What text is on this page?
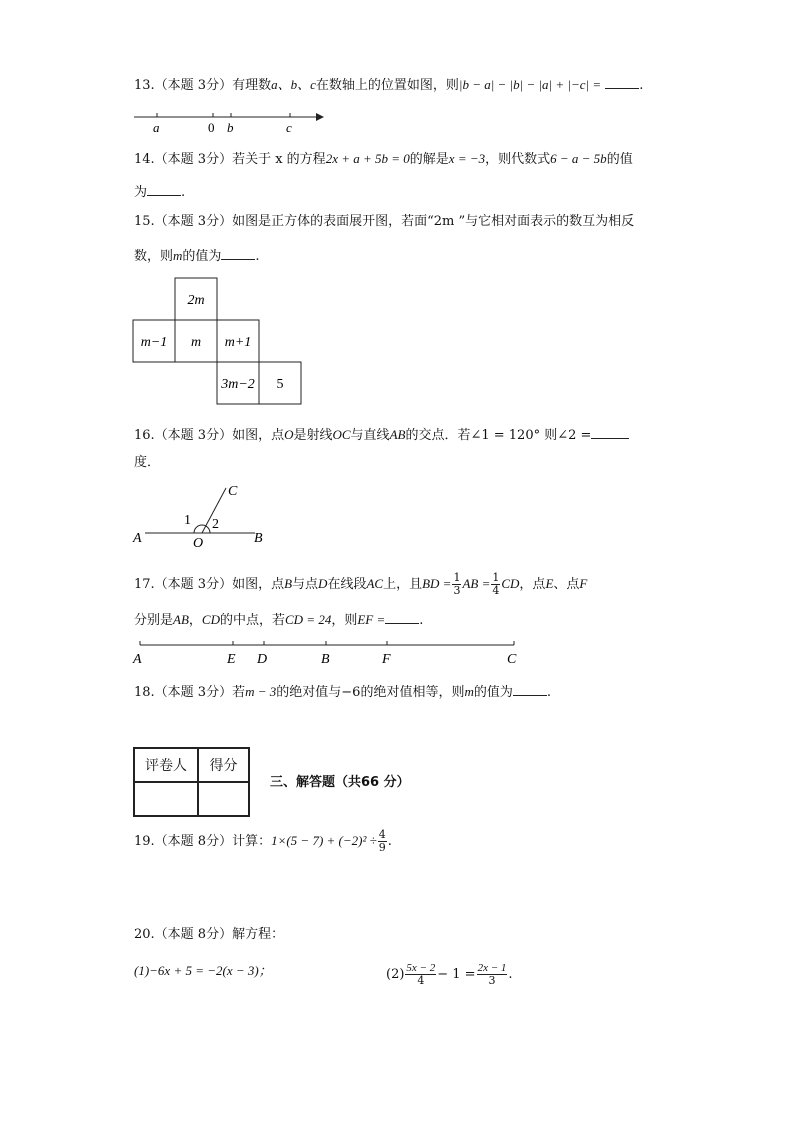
13.（本题 3分）有理数a、b、c在数轴上的位置如图，则|b − a| − |b| − |a| + |−c| =	.
a	0 b	c
14.（本题 3分）若关于 x 的方程2x + a + 5b = 0的解是x = −3，则代数式6 − a − 5b的值
为	.
15.（本题 3分）如图是正方体的表面展开图，若面“2m ”与它相对面表示的数互为相反
数，则m的值为	.
2m
m−1 m m+1
3m−2 5
16.（本题 3分）如图，点O是射线OC与直线AB的交点．若∠1 = 120° 则∠2 =
度．
C
1 2
A	O	B
17.（本题 3分）如图，点B与点D在线段AC上，且BD = $\frac{1}{3}$ AB = $\frac{1}{4}$ CD，点E、点F
分别是AB，CD的中点，若CD = 24，则EF =	.
A	E D	B	F	C
18.（本题 3分）若m − 3的绝对值与−6的绝对值相等，则m的值为	.
评卷人	得分

三、解答题（共66 分）
19.（本题 8分）计算：$1\times(5 - 7) + (-2)^2 \div \frac{4}{9}$ .
20.（本题 8分）解方程：
(1)−6x + 5 = −2(x − 3)；	$(2) \frac{5x - 2}{4} - 1 = \frac{2x - 1}{3}$ .
